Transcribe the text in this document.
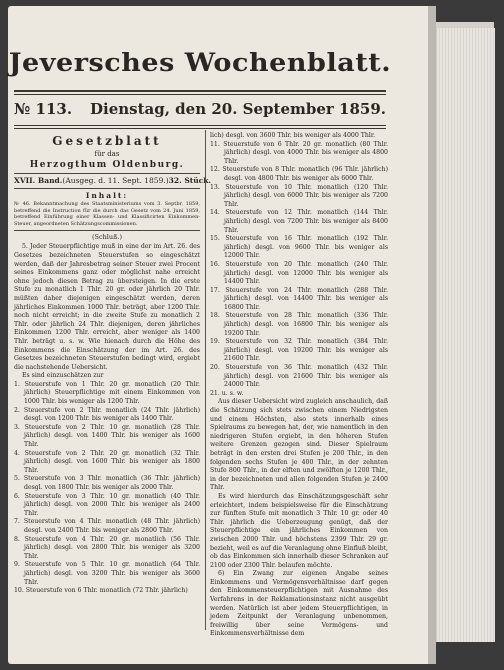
Jeversches Wochenblatt.
№ 113. Dienstag, den 20. September 1859.
Gesetzblatt
für das
Herzogthum Oldenburg.
XVII. Band. (Ausgeg. d. 11. Sept. 1859.) 32. Stück.
Inhalt:
№ 46. Bekanntmachung des Staatsministeriums vom 3. Septbr. 1859, betreffend die Instruction für die durch das Gesetz vom 24. Juni 1859, betreffend Einführung einer Klassen- und Klassificirten Einkommen-Steuer, angeordneten Schätzungscommissionen.
(Schluß.)

5. Jeder Steuerpflichtige muß in eine der im Art. 26. des Gesetzes bezeichneten Steuerstufen so eingeschätzt werden, daß der Jahresbetrag seiner Steuer zwei Procent seines Einkommens ganz oder möglichst nahe erreicht ohne jedoch diesen Betrag zu übersteigen. In die erste Stufe zu monatlich 1 Thlr. 20 gr. oder jährlich 20 Thlr. müßten daher diejenigen eingeschätzt werden, deren jährliches Einkommen 1000 Thlr. beträgt, aber 1200 Thlr. noch nicht erreicht; in die zweite Stufe zu monatlich 2 Thlr. oder jährlich 24 Thlr. diejenigen, deren jährliches Einkommen 1200 Thlr. erreicht, aber weniger als 1400 Thlr. beträgt u. s. w. Wie hienach durch die Höhe des Einkommens die Einschätzung der im Art. 26. des Gesetzes bezeichneten Steuerstufen bedingt wird, ergiebt die nachstehende Uebersicht.

Es sind einzuschätzen zur

1. Steuerstufe von 1 Thlr. 20 gr. monatlich (20 Thlr. jährlich) Steuerpflichtige mit einem Einkommen von 1000 Thlr. bis weniger als 1200 Thlr.

2. Steuerstufe von 2 Thlr. monatlich (24 Thlr. jährlich) desgl. von 1200 Thlr. bis weniger als 1400 Thlr.

3. Steuerstufe von 2 Thlr. 10 gr. monatlich (28 Thlr. jährlich) desgl. von 1400 Thlr. bis weniger als 1600 Thlr.

4. Steuerstufe von 2 Thlr. 20 gr. monatlich (32 Thlr. jährlich) desgl. von 1600 Thlr. bis weniger als 1800 Thlr.

5. Steuerstufe von 3 Thlr. monatlich (36 Thlr. jährlich) desgl. von 1800 Thlr. bis weniger als 2000 Thlr.

6. Steuerstufe von 3 Thlr. 10 gr. monatlich (40 Thlr. jährlich) desgl. von 2000 Thlr. bis weniger als 2400 Thlr.

7. Steuerstufe von 4 Thlr. monatlich (48 Thlr. jährlich) desgl. von 2400 Thlr. bis weniger als 2800 Thlr.

8. Steuerstufe von 4 Thlr. 20 gr. monatlich (56 Thlr. jährlich) desgl. von 2800 Thlr. bis weniger als 3200 Thlr.

9. Steuerstufe von 5 Thlr. 10 gr. monatlich (64 Thlr. jährlich) desgl. von 3200 Thlr. bis weniger als 3600 Thlr.

10. Steuerstufe von 6 Thlr. monatlich (72 Thlr. jährlich)

lich) desgl. von 3600 Thlr. bis weniger als 4000 Thlr.

11. Steuerstufe von 6 Thlr. 20 gr. monatlich (80 Thlr. jährlich) desgl. von 4000 Thlr. bis weniger als 4800 Thlr.

12. Steuerstufe von 8 Thlr. monatlich (96 Thlr. jährlich) desgl. von 4800 Thlr. bis weniger als 6000 Thlr.

13. Steuerstufe von 10 Thlr. monatlich (120 Thlr. jährlich) desgl. von 6000 Thlr. bis weniger als 7200 Thlr.

14. Steuerstufe von 12 Thlr. monatlich (144 Thlr. jährlich) desgl. von 7200 Thlr. bis weniger als 8400 Thlr.

15. Steuerstufe von 16 Thlr. monatlich (192 Thlr. jährlich) desgl. von 9600 Thlr. bis weniger als 12000 Thlr.

16. Steuerstufe von 20 Thlr. monatlich (240 Thlr. jährlich) desgl. von 12000 Thlr. bis weniger als 14400 Thlr.

17. Steuerstufe von 24 Thlr. monatlich (288 Thlr. jährlich) desgl. von 14400 Thlr. bis weniger als 16800 Thlr.

18. Steuerstufe von 28 Thlr. monatlich (336 Thlr. jährlich) desgl. von 16800 Thlr. bis weniger als 19200 Thlr.

19. Steuerstufe von 32 Thlr. monatlich (384 Thlr. jährlich) desgl. von 19200 Thlr. bis weniger als 21600 Thlr.

20. Steuerstufe von 36 Thlr. monatlich (432 Thlr. jährlich) desgl. von 21600 Thlr. bis weniger als 24000 Thlr.

21. u. s. w.

Aus dieser Uebersicht wird zugleich anschaulich, daß die Schätzung sich stets zwischen einem Niedrigsten und einem Höchsten, also stets innerhalb eines Spielraums zu bewegen hat, der, wie namentlich in den niedrigeren Stufen ergiebt, in den höheren Stufen weitere Grenzen gezogen sind. Dieser Spielraum beträgt in den ersten drei Stufen je 200 Thlr., in den folgenden sechs Stufen je 400 Thlr., in der zehnten Stufe 800 Thlr., in der elften und zwölften je 1200 Thlr., in der bezeichneten und allen folgenden Stufen je 2400 Thlr.

Es wird hierdurch das Einschätzungsgeschäft sehr erleichtert, indem beispielsweise für die Einschätzung zur fünften Stufe mit monatlich 3 Thlr. 10 gr. oder 40 Thlr. jährlich die Ueberzeugung genügt, daß der Steuerpflichtige ein jährliches Einkommen von zwischen 2000 Thlr. und höchstens 2399 Thlr. 29 gr. bezieht, weil es auf die Veranlagung ohne Einfluß bleibt, ob das Einkommen sich innerhalb dieser Schranken auf 2100 oder 2300 Thlr. belaufen möchte.

6) Ein Zwang zur eigenen Angabe seines Einkommens und Vermögensverhältnisse darf gegen den Einkommensteuerpflichtigen mit Ausnahme des Verfahrens in der Reklamationsinstanz nicht ausgeübt werden. Natürlich ist aber jedem Steuerpflichtigen, in jedem Zeitpunkt der Veranlagung unbenommen, freiwillig über seine Vermögens- und Einkommensverhältnisse dem
